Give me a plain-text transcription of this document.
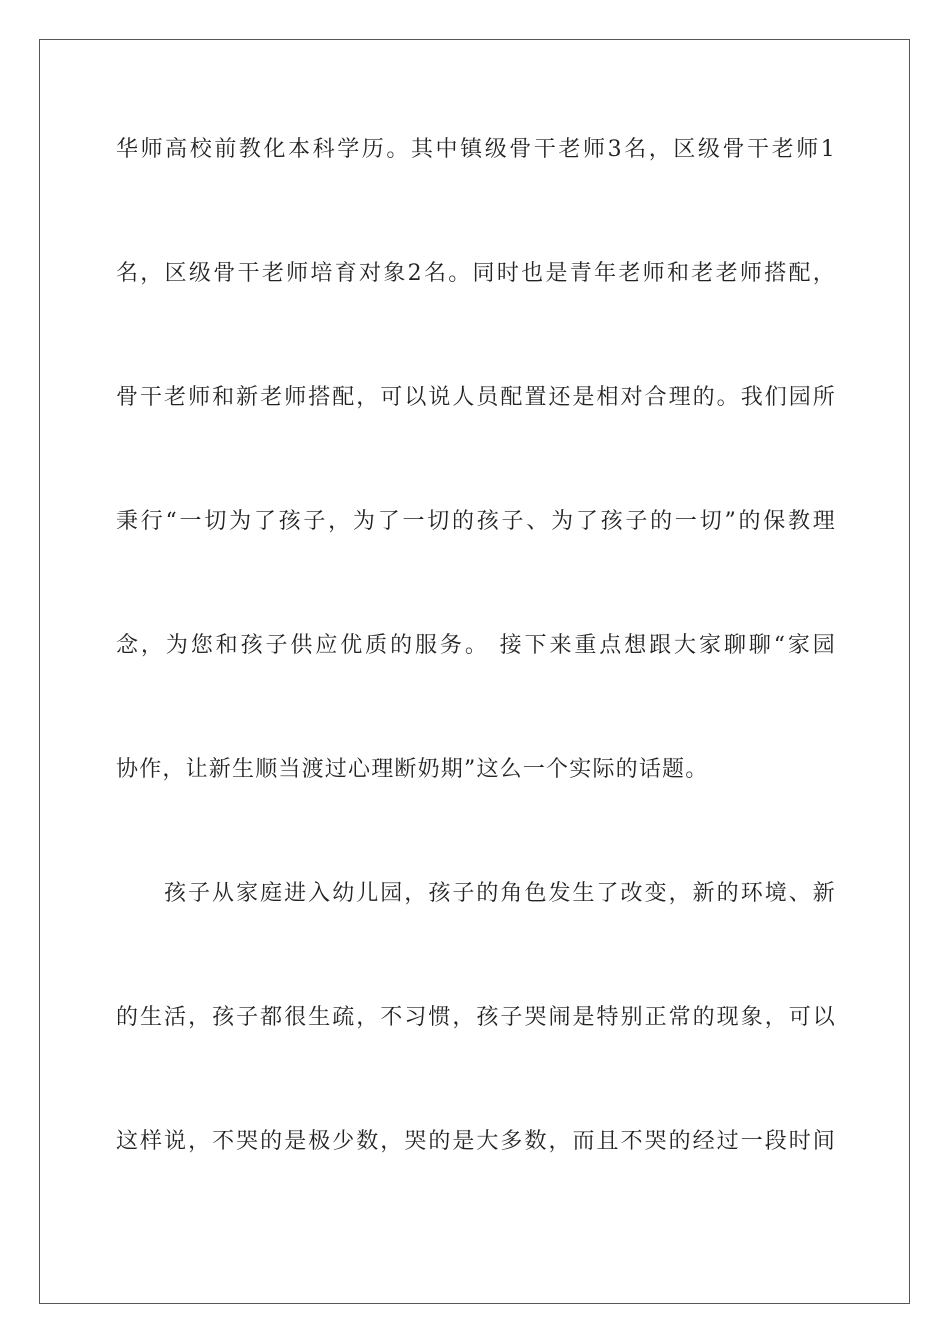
华师高校前教化本科学历。其中镇级骨干老师3名，区级骨干老师1
名，区级骨干老师培育对象2名。同时也是青年老师和老老师搭配，
骨干老师和新老师搭配，可以说人员配置还是相对合理的。我们园所
秉行“一切为了孩子，为了一切的孩子、为了孩子的一切”的保教理
念，为您和孩子供应优质的服务。 接下来重点想跟大家聊聊“家园
协作，让新生顺当渡过心理断奶期”这么一个实际的话题。
孩子从家庭进入幼儿园，孩子的角色发生了改变，新的环境、新
的生活，孩子都很生疏，不习惯，孩子哭闹是特别正常的现象，可以
这样说，不哭的是极少数，哭的是大多数，而且不哭的经过一段时间
